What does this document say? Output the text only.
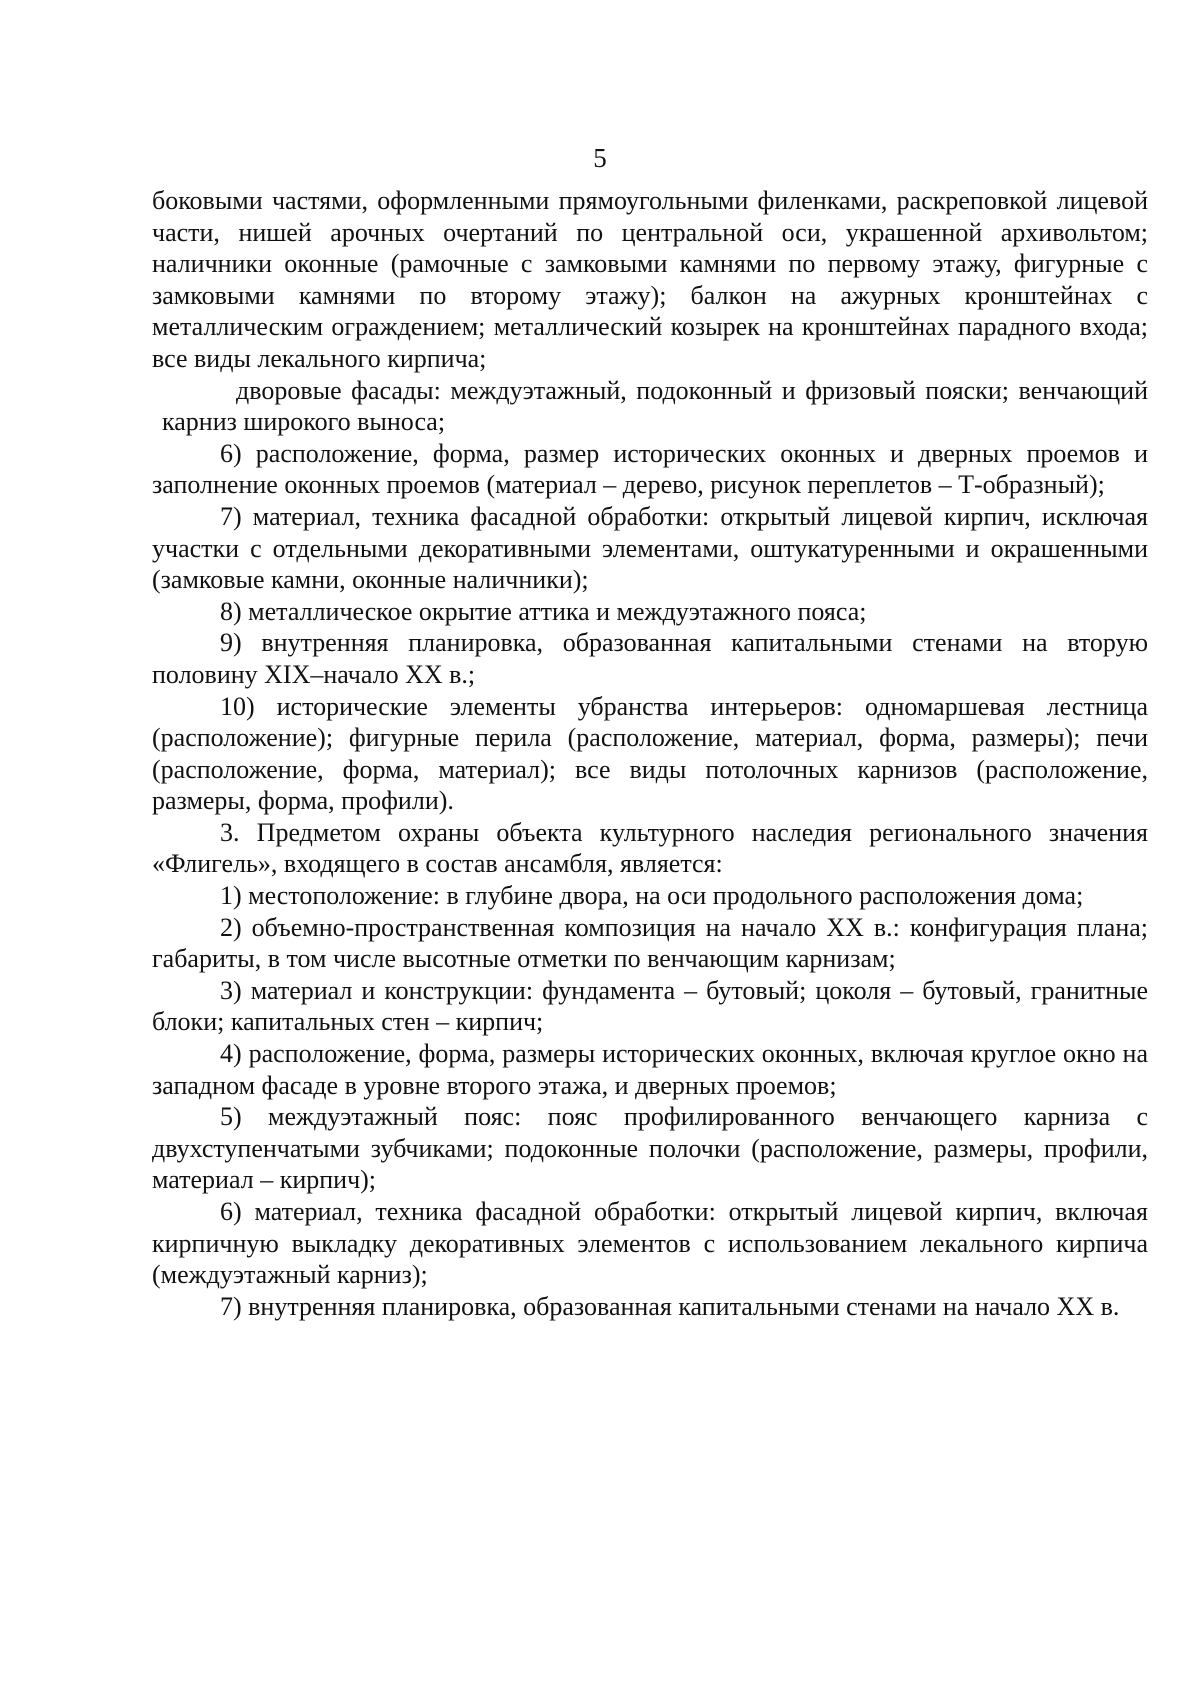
5

боковыми частями, оформленными прямоугольными филенками, раскреповкой лицевой части, нишей арочных очертаний по центральной оси, украшенной архивольтом; наличники оконные (рамочные с замковыми камнями по первому этажу, фигурные с замковыми камнями по второму этажу); балкон на ажурных кронштейнах с металлическим ограждением; металлический козырек на кронштейнах парадного входа; все виды лекального кирпича;

дворовые фасады: междуэтажный, подоконный и фризовый пояски; венчающий карниз широкого выноса;

6) расположение, форма, размер исторических оконных и дверных проемов и заполнение оконных проемов (материал – дерево, рисунок переплетов – Т-образный);

7) материал, техника фасадной обработки: открытый лицевой кирпич, исключая участки с отдельными декоративными элементами, оштукатуренными и окрашенными (замковые камни, оконные наличники);

8) металлическое окрытие аттика и междуэтажного пояса;

9) внутренняя планировка, образованная капитальными стенами на вторую половину XIX–начало XX в.;

10) исторические элементы убранства интерьеров: одномаршевая лестница (расположение); фигурные перила (расположение, материал, форма, размеры); печи (расположение, форма, материал); все виды потолочных карнизов (расположение, размеры, форма, профили).

3. Предметом охраны объекта культурного наследия регионального значения «Флигель», входящего в состав ансамбля, является:

1) местоположение: в глубине двора, на оси продольного расположения дома;

2) объемно-пространственная композиция на начало XX в.: конфигурация плана; габариты, в том числе высотные отметки по венчающим карнизам;

3) материал и конструкции: фундамента – бутовый; цоколя – бутовый, гранитные блоки; капитальных стен – кирпич;

4) расположение, форма, размеры исторических оконных, включая круглое окно на западном фасаде в уровне второго этажа, и дверных проемов;

5) междуэтажный пояс: пояс профилированного венчающего карниза с двухступенчатыми зубчиками; подоконные полочки (расположение, размеры, профили, материал – кирпич);

6) материал, техника фасадной обработки: открытый лицевой кирпич, включая кирпичную выкладку декоративных элементов с использованием лекального кирпича (междуэтажный карниз);

7) внутренняя планировка, образованная капитальными стенами на начало XX в.
